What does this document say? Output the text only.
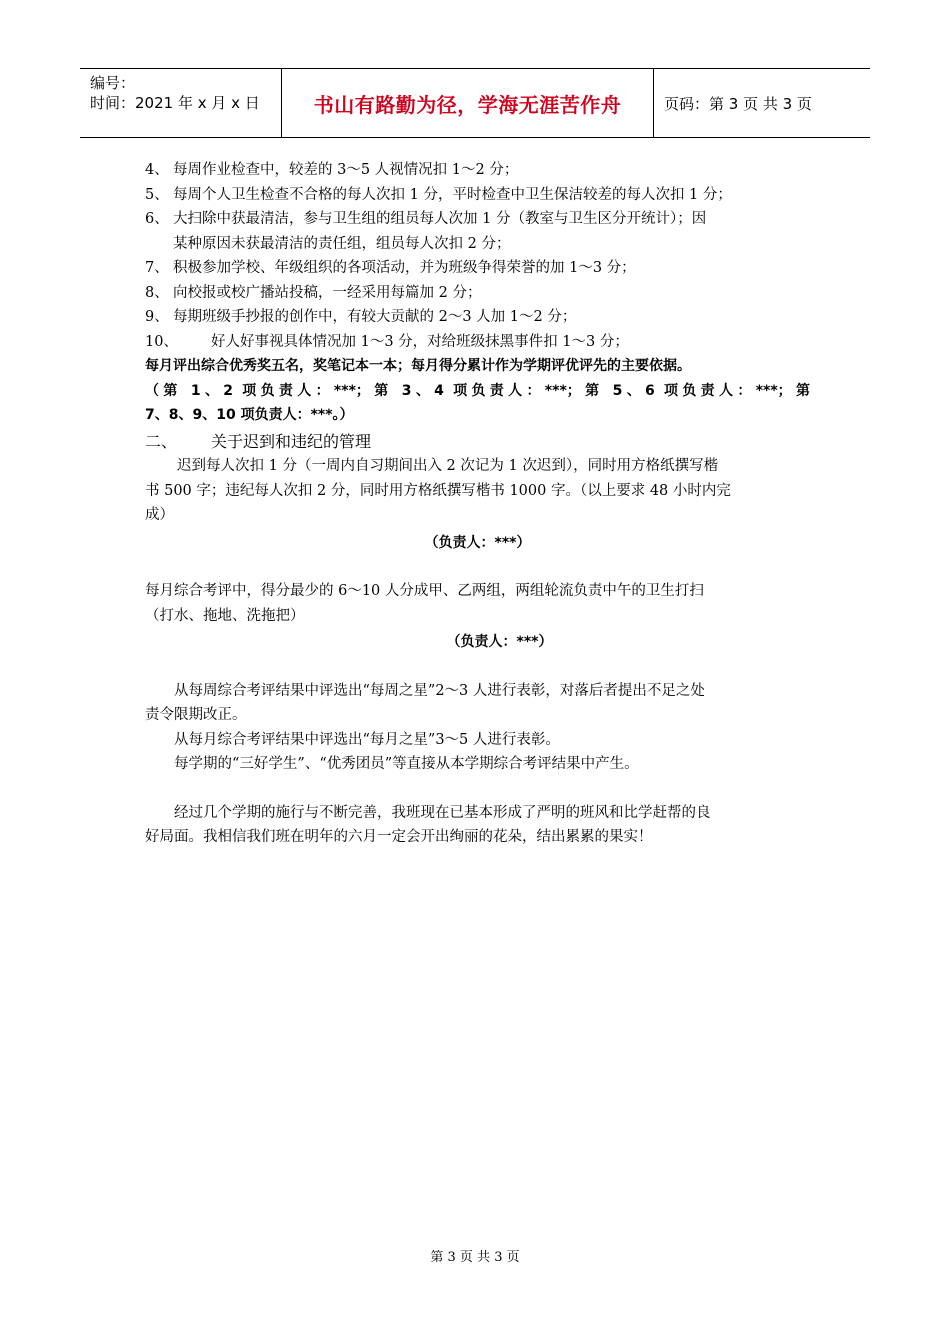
编号：
时间：2021 年 x 月 x 日	书山有路勤为径，学海无涯苦作舟	页码：第 3 页 共 3 页
4、 每周作业检查中，较差的 3～5 人视情况扣 1～2 分；
5、 每周个人卫生检查不合格的每人次扣 1 分，平时检查中卫生保洁较差的每人次扣 1 分；
6、 大扫除中获最清洁，参与卫生组的组员每人次加 1 分（教室与卫生区分开统计）；因
某种原因未获最清洁的责任组，组员每人次扣 2 分；
7、 积极参加学校、年级组织的各项活动，并为班级争得荣誉的加 1～3 分；
8、 向校报或校广播站投稿，一经采用每篇加 2 分；
9、 每期班级手抄报的创作中，有较大贡献的 2～3 人加 1～2 分；
10、	好人好事视具体情况加 1～3 分，对给班级抹黑事件扣 1～3 分；
每月评出综合优秀奖五名，奖笔记本一本；每月得分累计作为学期评优评先的主要依据。
（第 1、2 项负责人：***；第 3、4 项负责人：***；第 5、6 项负责人：***；第
7、8、9、10 项负责人：***。）
二、	关于迟到和违纪的管理
迟到每人次扣 1 分（一周内自习期间出入 2 次记为 1 次迟到），同时用方格纸撰写楷
书 500 字；违纪每人次扣 2 分，同时用方格纸撰写楷书 1000 字。（以上要求 48 小时内完
成）
（负责人：***）
每月综合考评中，得分最少的 6～10 人分成甲、乙两组，两组轮流负责中午的卫生打扫
（打水、拖地、洗拖把）
（负责人：***）
从每周综合考评结果中评选出“每周之星”2～3 人进行表彰，对落后者提出不足之处
责令限期改正。
从每月综合考评结果中评选出“每月之星”3～5 人进行表彰。
每学期的“三好学生”、“优秀团员”等直接从本学期综合考评结果中产生。
经过几个学期的施行与不断完善，我班现在已基本形成了严明的班风和比学赶帮的良
好局面。我相信我们班在明年的六月一定会开出绚丽的花朵，结出累累的果实！
第 3 页 共 3 页
